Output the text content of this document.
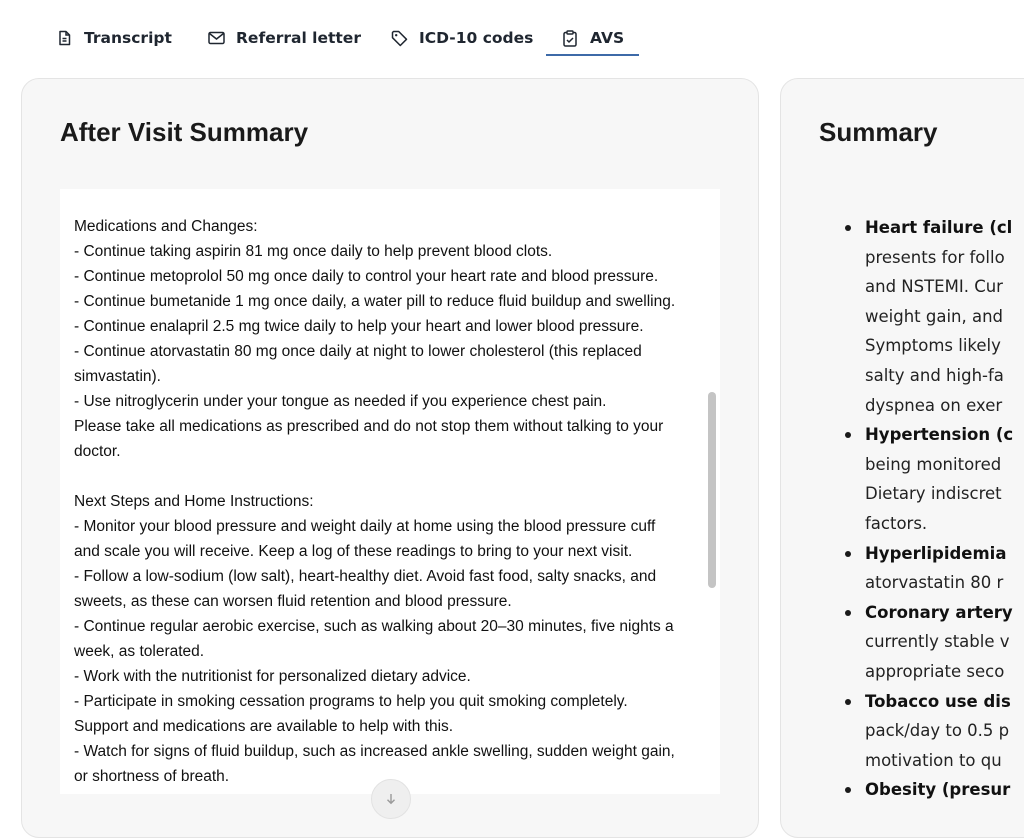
Transcript	Referral letter	ICD-10 codes	AVS
After Visit Summary
Medications and Changes:
- Continue taking aspirin 81 mg once daily to help prevent blood clots.
- Continue metoprolol 50 mg once daily to control your heart rate and blood pressure.
- Continue bumetanide 1 mg once daily, a water pill to reduce fluid buildup and swelling.
- Continue enalapril 2.5 mg twice daily to help your heart and lower blood pressure.
- Continue atorvastatin 80 mg once daily at night to lower cholesterol (this replaced
simvastatin).
- Use nitroglycerin under your tongue as needed if you experience chest pain.
Please take all medications as prescribed and do not stop them without talking to your
doctor.
Next Steps and Home Instructions:
- Monitor your blood pressure and weight daily at home using the blood pressure cuff
and scale you will receive. Keep a log of these readings to bring to your next visit.
- Follow a low-sodium (low salt), heart-healthy diet. Avoid fast food, salty snacks, and
sweets, as these can worsen fluid retention and blood pressure.
- Continue regular aerobic exercise, such as walking about 20–30 minutes, five nights a
week, as tolerated.
- Work with the nutritionist for personalized dietary advice.
- Participate in smoking cessation programs to help you quit smoking completely.
Support and medications are available to help with this.
- Watch for signs of fluid buildup, such as increased ankle swelling, sudden weight gain,
or shortness of breath.
Summary
Heart failure (cl
presents for follo
and NSTEMI. Cur
weight gain, and
Symptoms likely
salty and high-fa
dyspnea on exer
Hypertension (c
being monitored
Dietary indiscret
factors.
Hyperlipidemia
atorvastatin 80 r
Coronary artery
currently stable v
appropriate seco
Tobacco use dis
pack/day to 0.5 p
motivation to qu
Obesity (presur
